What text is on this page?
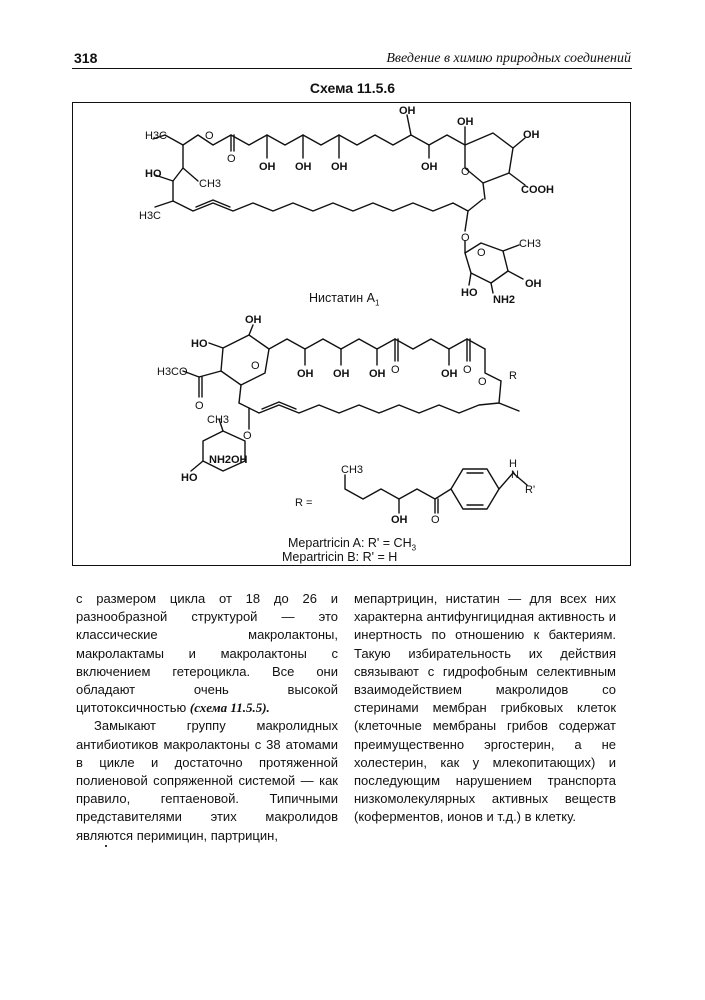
318	Введение в химию природных соединений
Схема 11.5.6
H3C	O
O
HO
CH3
H3C
OH OH OH
OH
OH
OH
OH
O
COOH
O
O
CH3
OH
HO
NH2
HO
OH
O
H3CO
O
OH OH OH O	OH O
O R
O
CH3
NH2 OH
HO
R =
CH3
OH O
H
N
R'
Нистатин $A_1$
Mepartricin A: $R' = CH_3$
Mepartricin B: R' = H

с размером цикла от 18 до 26 и разнообразной структурой — это классические макролактоны, макролактамы и макролактоны с включением гетероцикла. Все они обладают очень высокой цитотоксичностью (схема 11.5.5).

Замыкают группу макролидных антибиотиков макролактоны с 38 атомами в цикле и достаточно протяженной полиеновой сопряженной системой — как правило, гептаеновой. Типичными представителями этих макролидов являются перимицин, партрицин,

мепартрицин, нистатин — для всех них характерна антифунгицидная активность и инертность по отношению к бактериям. Такую избирательность их действия связывают с гидрофобным селективным взаимодействием макролидов со стеринами мембран грибковых клеток (клеточные мембраны грибов содержат преимущественно эргостерин, а не холестерин, как у млекопитающих) и последующим нарушением транспорта низкомолекулярных активных веществ (коферментов, ионов и т.д.) в клетку.
